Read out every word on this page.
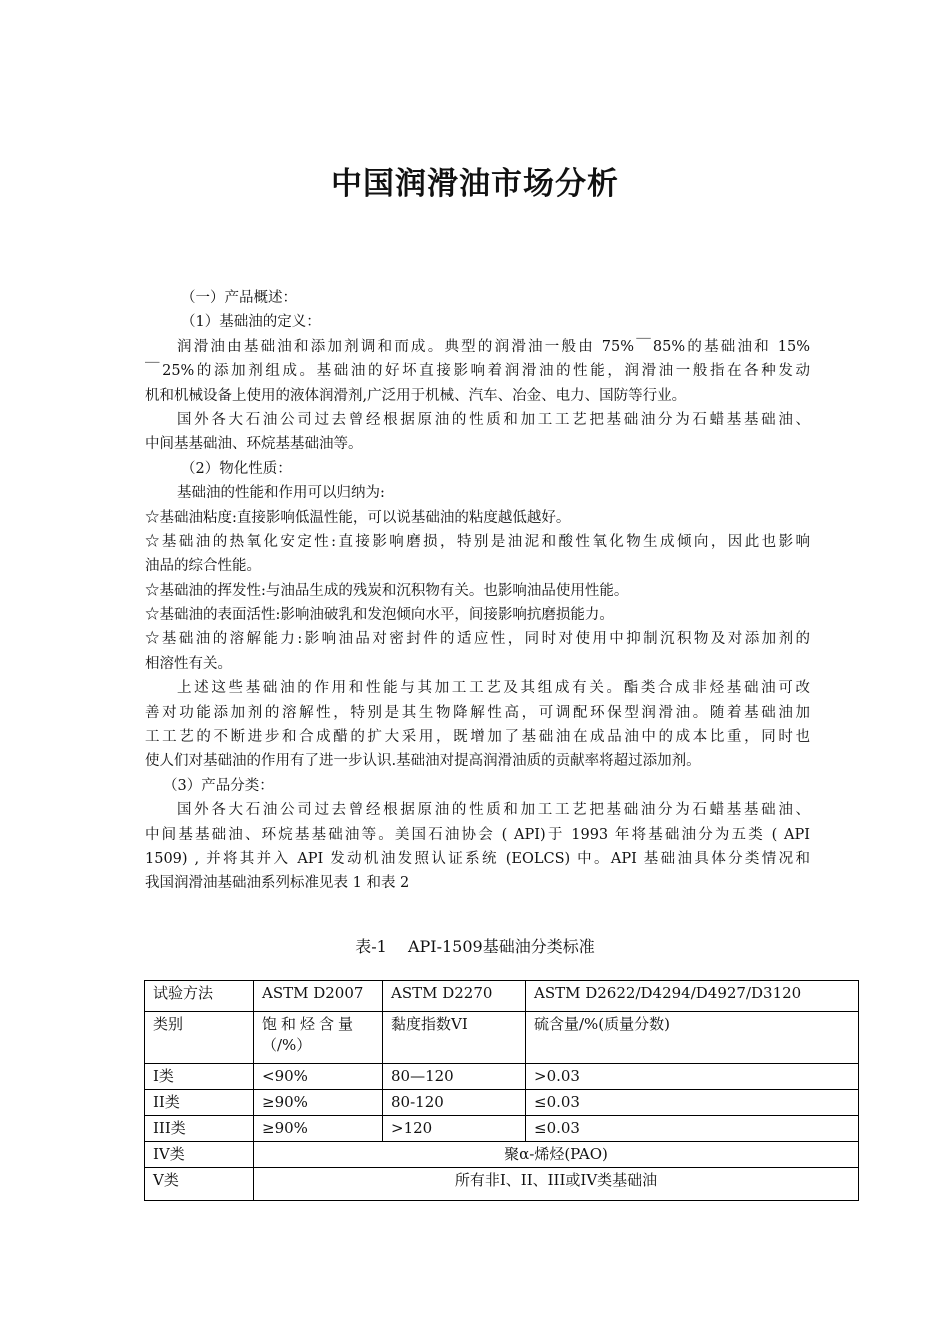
中国润滑油市场分析
（一）产品概述：
（1）基础油的定义：
润滑油由基础油和添加剂调和而成。典型的润滑油一般由 75%￣85%的基础油和 15%
￣25%的添加剂组成。基础油的好坏直接影响着润滑油的性能，润滑油一般指在各种发动
机和机械设备上使用的液体润滑剂,广泛用于机械、汽车、冶金、电力、国防等行业。
国外各大石油公司过去曾经根据原油的性质和加工工艺把基础油分为石蜡基基础油、
中间基基础油、环烷基基础油等。
（2）物化性质：
基础油的性能和作用可以归纳为:
☆基础油粘度:直接影响低温性能，可以说基础油的粘度越低越好。
☆基础油的热氧化安定性:直接影响磨损，特别是油泥和酸性氧化物生成倾向，因此也影响
油品的综合性能。
☆基础油的挥发性:与油品生成的残炭和沉积物有关。也影响油品使用性能。
☆基础油的表面活性:影响油破乳和发泡倾向水平，间接影响抗磨损能力。
☆基础油的溶解能力:影响油品对密封件的适应性，同时对使用中抑制沉积物及对添加剂的
相溶性有关。
上述这些基础油的作用和性能与其加工工艺及其组成有关。酯类合成非烃基础油可改
善对功能添加剂的溶解性，特别是其生物降解性高，可调配环保型润滑油。随着基础油加
工工艺的不断进步和合成醋的扩大采用，既增加了基础油在成品油中的成本比重，同时也
使人们对基础油的作用有了进一步认识.基础油对提高润滑油质的贡献率将超过添加剂。
（3）产品分类：
国外各大石油公司过去曾经根据原油的性质和加工工艺把基础油分为石蜡基基础油、
中间基基础油、环烷基基础油等。美国石油协会 ( API)于 1993 年将基础油分为五类 ( API
1509) , 并将其并入 API 发动机油发照认证系统 (EOLCS) 中。API 基础油具体分类情况和
我国润滑油基础油系列标准见表 1 和表 2
表-1 API-1509基础油分类标准
试验方法	ASTM D2007	ASTM D2270	ASTM D2622/D4294/D4927/D3120
类别	饱和烃含量
（/%）	黏度指数VI	硫含量/%(质量分数)
I类	<90%	80—120	>0.03
II类	≥90%	80-120	≤0.03
III类	≥90%	>120	≤0.03
IV类	聚α-烯烃(PAO)		
V类	所有非I、II、III或IV类基础油		
